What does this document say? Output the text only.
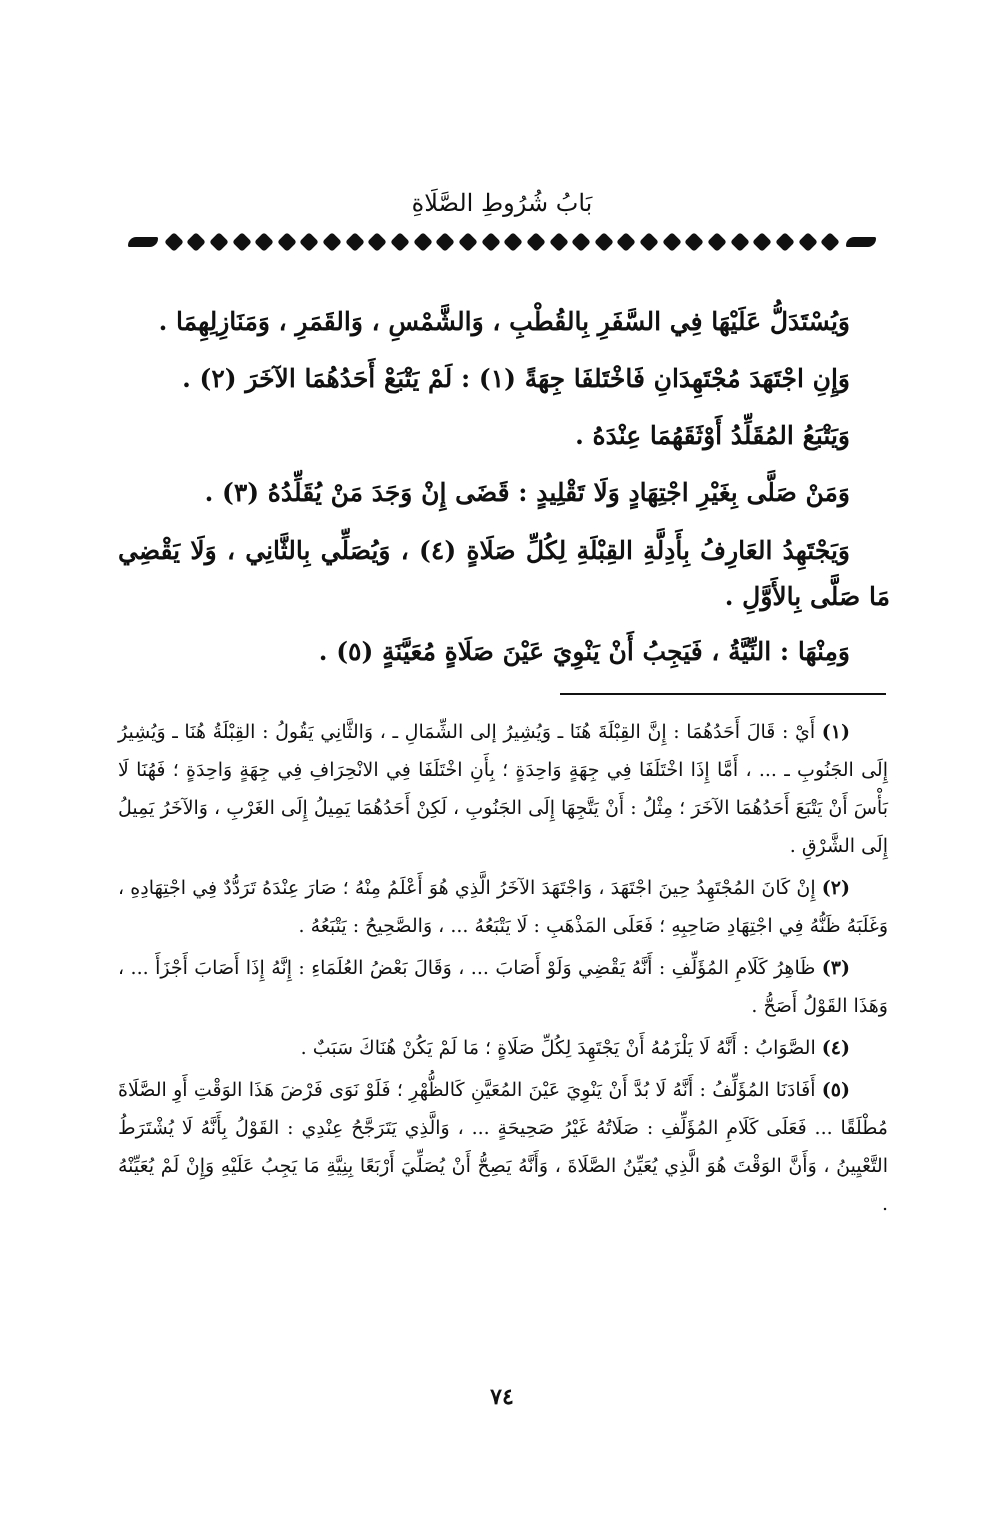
بَابُ شُرُوطِ الصَّلَاةِ

وَيُسْتَدَلُّ عَلَيْهَا فِي السَّفَرِ بِالقُطْبِ ، وَالشَّمْسِ ، وَالقَمَرِ ، وَمَنَازِلِهِمَا .

وَإِنِ اجْتَهَدَ مُجْتَهِدَانِ فَاخْتَلفَا جِهَةً (١) : لَمْ يَتْبَعْ أَحَدُهُمَا الآخَرَ (٢) .

وَيَتْبَعُ المُقَلِّدُ أَوْثَقَهُمَا عِنْدَهُ .

وَمَنْ صَلَّى بِغَيْرِ اجْتِهَادٍ وَلَا تَقْلِيدٍ : قَضَى إِنْ وَجَدَ مَنْ يُقَلِّدُهُ (٣) .

وَيَجْتَهِدُ العَارِفُ بِأَدِلَّةِ القِبْلَةِ لِكُلِّ صَلَاةٍ (٤) ، وَيُصَلِّي بِالثَّانِي ، وَلَا يَقْضِي مَا صَلَّى بِالأَوَّلِ .

وَمِنْهَا : النِّيَّةُ ، فَيَجِبُ أَنْ يَنْوِيَ عَيْنَ صَلَاةٍ مُعَيَّنَةٍ (٥) .

(١) أَيْ : قَالَ أَحَدُهُمَا : إِنَّ القِبْلَةَ هُنَا ـ وَيُشِيرُ إلى الشِّمَالِ ـ ، وَالثَّانِي يَقُولُ : القِبْلَةُ هُنَا ـ وَيُشِيرُ إِلَى الجَنُوبِ ـ ... ، أَمَّا إِذَا اخْتَلَفَا فِي جِهَةٍ وَاحِدَةٍ ؛ بِأَنِ اخْتَلَفَا فِي الانْحِرَافِ فِي جِهَةٍ وَاحِدَةٍ ؛ فَهُنَا لَا بَأْسَ أَنْ يَتْبَعَ أَحَدُهُمَا الآخَرَ ؛ مِثْلُ : أَنْ يَتَّجِهَا إِلَى الجَنُوبِ ، لَكِنْ أَحَدُهُمَا يَمِيلُ إِلَى الغَرْبِ ، وَالآخَرُ يَمِيلُ إِلَى الشَّرْقِ .

(٢) إِنْ كَانَ المُجْتَهِدُ حِينَ اجْتَهَدَ ، وَاجْتَهَدَ الآخَرُ الَّذِي هُوَ أَعْلَمُ مِنْهُ ؛ صَارَ عِنْدَهُ تَرَدُّدٌ فِي اجْتِهَادِهِ ، وَغَلَبَهُ ظَنُّهُ فِي اجْتِهَادِ صَاحِبِهِ ؛ فَعَلَى المَذْهَبِ : لَا يَتْبَعُهُ ... ، وَالصَّحِيحُ : يَتْبَعُهُ .

(٣) ظَاهِرُ كَلَامِ المُؤَلِّفِ : أَنَّهُ يَقْضِي وَلَوْ أَصَابَ ... ، وَقَالَ بَعْضُ العُلَمَاءِ : إِنَّهُ إِذَا أَصَابَ أَجْزَأَ ... ، وَهَذَا القَوْلُ أَصَحُّ .

(٤) الصَّوَابُ : أَنَّهُ لَا يَلْزَمُهُ أَنْ يَجْتَهِدَ لِكُلِّ صَلَاةٍ ؛ مَا لَمْ يَكُنْ هُنَاكَ سَبَبٌ .

(٥) أَفَادَنَا المُؤَلِّفُ : أَنَّهُ لَا بُدَّ أَنْ يَنْوِيَ عَيْنَ المُعَيَّنِ كَالظُّهْرِ ؛ فَلَوْ نَوَى فَرْضَ هَذَا الوَقْتِ أَوِ الصَّلَاةَ مُطْلَقًا ... فَعَلَى كَلَامِ المُؤَلِّفِ : صَلَاتُهُ غَيْرُ صَحِيحَةٍ ... ، وَالَّذِي يَتَرَجَّحُ عِنْدِي : القَوْلُ بِأَنَّهُ لَا يُشْتَرَطُ التَّعْيِينُ ، وَأَنَّ الوَقْتَ هُوَ الَّذِي يُعَيِّنُ الصَّلَاةَ ، وَأَنَّهُ يَصِحُّ أَنْ يُصَلِّيَ أَرْبَعًا بِنِيَّةِ مَا يَجِبُ عَلَيْهِ وَإِنْ لَمْ يُعَيِّنْهُ .

٧٤
